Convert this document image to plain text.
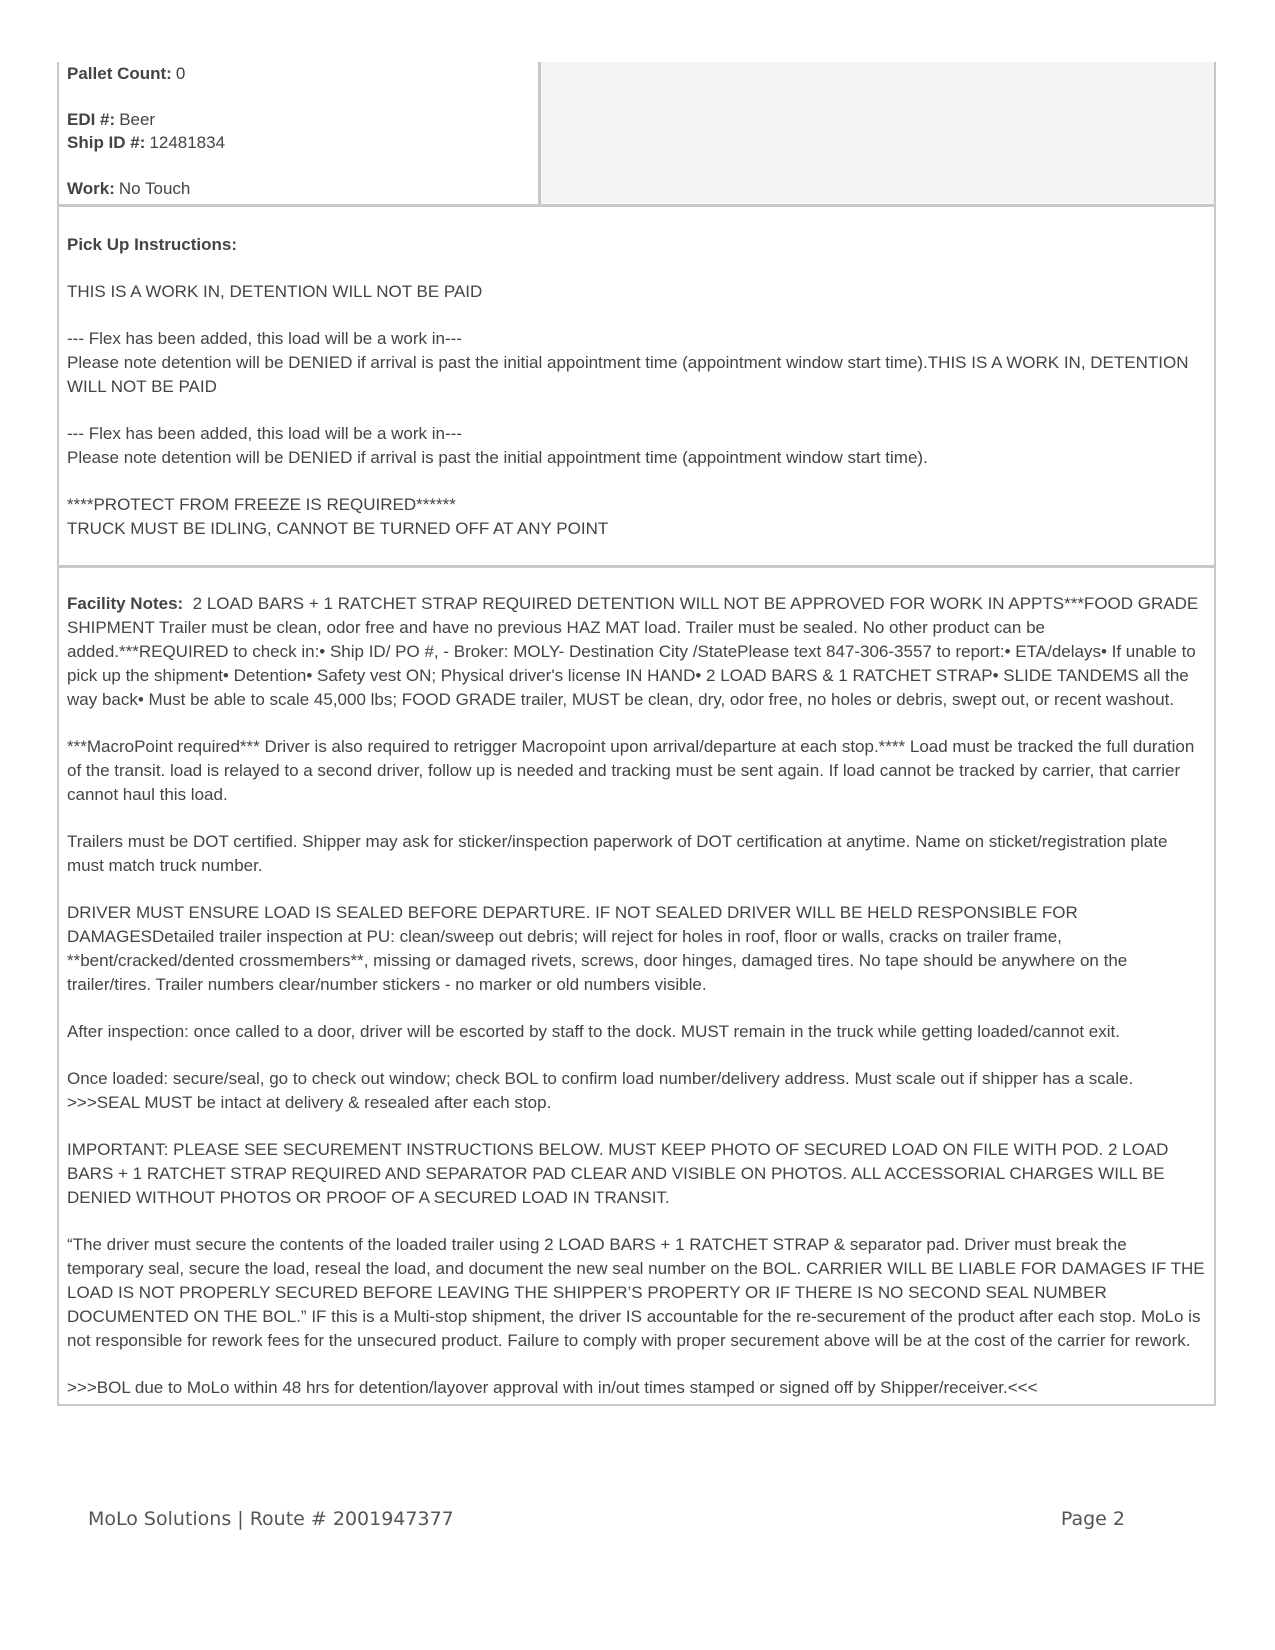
Pallet Count: 0
EDI #: Beer
Ship ID #: 12481834
Work: No Touch
Pick Up Instructions:
THIS IS A WORK IN, DETENTION WILL NOT BE PAID
--- Flex has been added, this load will be a work in---
Please note detention will be DENIED if arrival is past the initial appointment time (appointment window start time).THIS IS A WORK IN, DETENTION WILL NOT BE PAID
--- Flex has been added, this load will be a work in---
Please note detention will be DENIED if arrival is past the initial appointment time (appointment window start time).
****PROTECT FROM FREEZE IS REQUIRED******
TRUCK MUST BE IDLING, CANNOT BE TURNED OFF AT ANY POINT
Facility Notes: 2 LOAD BARS + 1 RATCHET STRAP REQUIRED DETENTION WILL NOT BE APPROVED FOR WORK IN APPTS***FOOD GRADE SHIPMENT Trailer must be clean, odor free and have no previous HAZ MAT load. Trailer must be sealed. No other product can be added.***REQUIRED to check in:• Ship ID/ PO #, - Broker: MOLY- Destination City /StatePlease text 847-306-3557 to report:• ETA/delays• If unable to pick up the shipment• Detention• Safety vest ON; Physical driver's license IN HAND• 2 LOAD BARS & 1 RATCHET STRAP• SLIDE TANDEMS all the way back• Must be able to scale 45,000 lbs; FOOD GRADE trailer, MUST be clean, dry, odor free, no holes or debris, swept out, or recent washout.
***MacroPoint required*** Driver is also required to retrigger Macropoint upon arrival/departure at each stop.**** Load must be tracked the full duration of the transit. load is relayed to a second driver, follow up is needed and tracking must be sent again. If load cannot be tracked by carrier, that carrier cannot haul this load.
Trailers must be DOT certified. Shipper may ask for sticker/inspection paperwork of DOT certification at anytime. Name on sticket/registration plate must match truck number.
DRIVER MUST ENSURE LOAD IS SEALED BEFORE DEPARTURE. IF NOT SEALED DRIVER WILL BE HELD RESPONSIBLE FOR DAMAGESDetailed trailer inspection at PU: clean/sweep out debris; will reject for holes in roof, floor or walls, cracks on trailer frame, **bent/cracked/dented crossmembers**, missing or damaged rivets, screws, door hinges, damaged tires. No tape should be anywhere on the trailer/tires. Trailer numbers clear/number stickers - no marker or old numbers visible.
After inspection: once called to a door, driver will be escorted by staff to the dock. MUST remain in the truck while getting loaded/cannot exit.
Once loaded: secure/seal, go to check out window; check BOL to confirm load number/delivery address. Must scale out if shipper has a scale. >>>SEAL MUST be intact at delivery & resealed after each stop.
IMPORTANT: PLEASE SEE SECUREMENT INSTRUCTIONS BELOW. MUST KEEP PHOTO OF SECURED LOAD ON FILE WITH POD. 2 LOAD BARS + 1 RATCHET STRAP REQUIRED AND SEPARATOR PAD CLEAR AND VISIBLE ON PHOTOS. ALL ACCESSORIAL CHARGES WILL BE DENIED WITHOUT PHOTOS OR PROOF OF A SECURED LOAD IN TRANSIT.
“The driver must secure the contents of the loaded trailer using 2 LOAD BARS + 1 RATCHET STRAP & separator pad. Driver must break the temporary seal, secure the load, reseal the load, and document the new seal number on the BOL. CARRIER WILL BE LIABLE FOR DAMAGES IF THE LOAD IS NOT PROPERLY SECURED BEFORE LEAVING THE SHIPPER’S PROPERTY OR IF THERE IS NO SECOND SEAL NUMBER DOCUMENTED ON THE BOL.” IF this is a Multi-stop shipment, the driver IS accountable for the re-securement of the product after each stop. MoLo is not responsible for rework fees for the unsecured product. Failure to comply with proper securement above will be at the cost of the carrier for rework.
>>>BOL due to MoLo within 48 hrs for detention/layover approval with in/out times stamped or signed off by Shipper/receiver.<<<
MoLo Solutions | Route # 2001947377	Page 2
